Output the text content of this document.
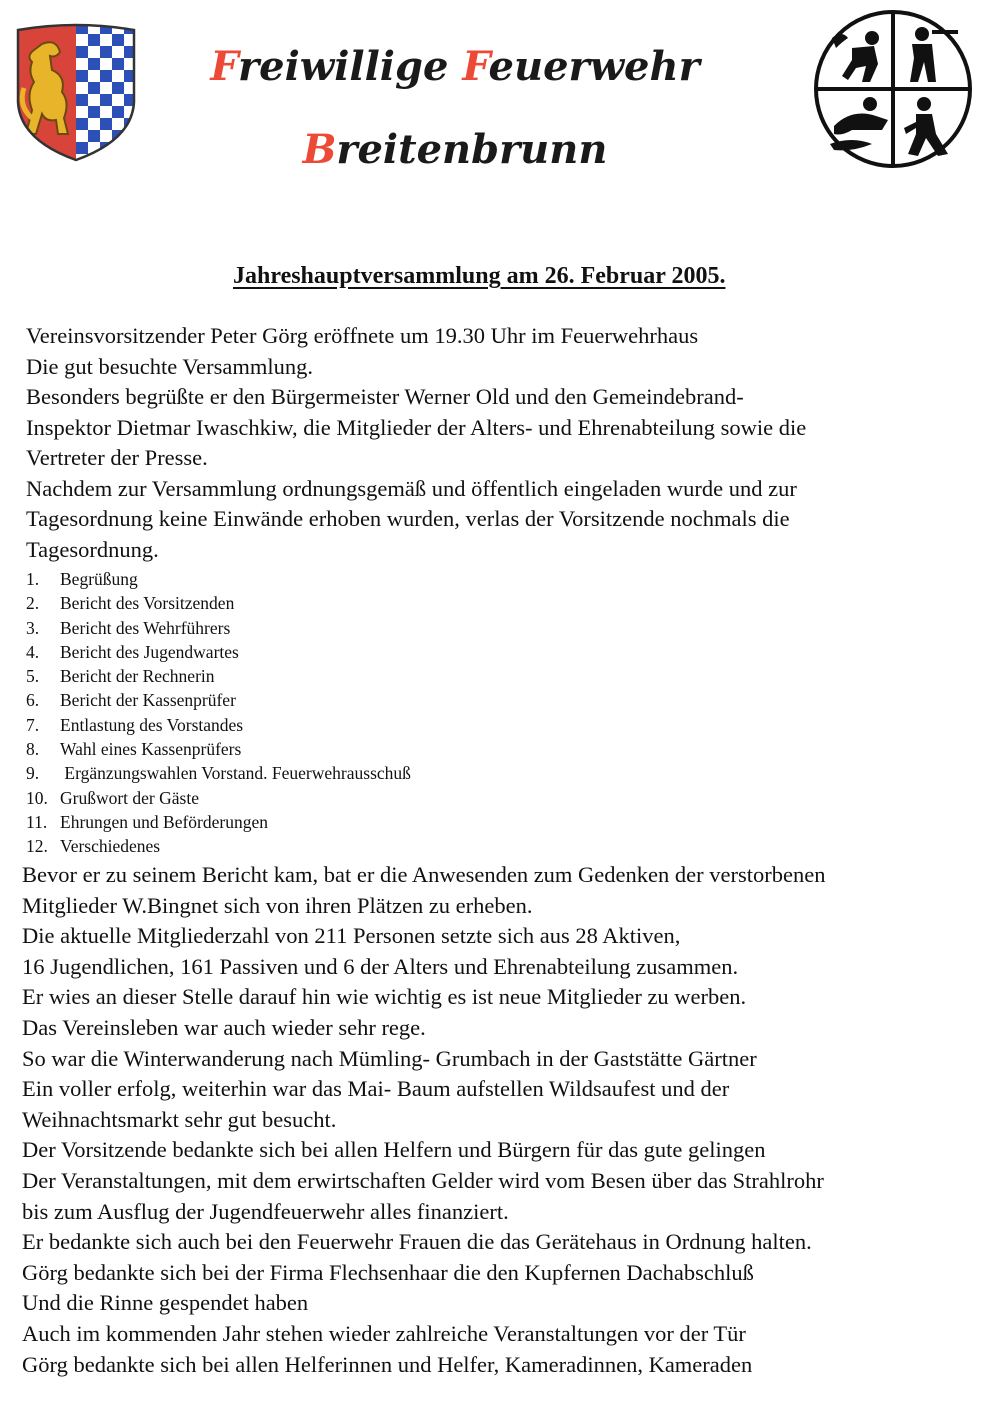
Freiwillige Feuerwehr
Breitenbrunn
Jahreshauptversammlung am 26. Februar 2005.

Vereinsvorsitzender Peter Görg eröffnete um 19.30 Uhr im Feuerwehrhaus

Die gut besuchte Versammlung.

Besonders begrüßte er den Bürgermeister Werner Old und den Gemeindebrand-

Inspektor Dietmar Iwaschkiw, die Mitglieder der Alters- und Ehrenabteilung sowie die

Vertreter der Presse.

Nachdem zur Versammlung ordnungsgemäß und öffentlich eingeladen wurde und zur

Tagesordnung keine Einwände erhoben wurden, verlas der Vorsitzende nochmals die

Tagesordnung.

1. Begrüßung
2. Bericht des Vorsitzenden
3. Bericht des Wehrführers
4. Bericht des Jugendwartes
5. Bericht der Rechnerin
6. Bericht der Kassenprüfer
7. Entlastung des Vorstandes
8. Wahl eines Kassenprüfers
9. Ergänzungswahlen Vorstand. Feuerwehrausschuß
10. Grußwort der Gäste
11. Ehrungen und Beförderungen
12. Verschiedenes

Bevor er zu seinem Bericht kam, bat er die Anwesenden zum Gedenken der verstorbenen

Mitglieder W.Bingnet sich von ihren Plätzen zu erheben.

Die aktuelle Mitgliederzahl von 211 Personen setzte sich aus 28 Aktiven,

16 Jugendlichen, 161 Passiven und 6 der Alters und Ehrenabteilung zusammen.

Er wies an dieser Stelle darauf hin wie wichtig es ist neue Mitglieder zu werben.

Das Vereinsleben war auch wieder sehr rege.

So war die Winterwanderung nach Mümling- Grumbach in der Gaststätte Gärtner

Ein voller erfolg, weiterhin war das Mai- Baum aufstellen Wildsaufest und der

Weihnachtsmarkt sehr gut besucht.

Der Vorsitzende bedankte sich bei allen Helfern und Bürgern für das gute gelingen

Der Veranstaltungen, mit dem erwirtschaften Gelder wird vom Besen über das Strahlrohr

bis zum Ausflug der Jugendfeuerwehr alles finanziert.

Er bedankte sich auch bei den Feuerwehr Frauen die das Gerätehaus in Ordnung halten.

Görg bedankte sich bei der Firma Flechsenhaar die den Kupfernen Dachabschluß

Und die Rinne gespendet haben

Auch im kommenden Jahr stehen wieder zahlreiche Veranstaltungen vor der Tür

Görg bedankte sich bei allen Helferinnen und Helfer, Kameradinnen, Kameraden
